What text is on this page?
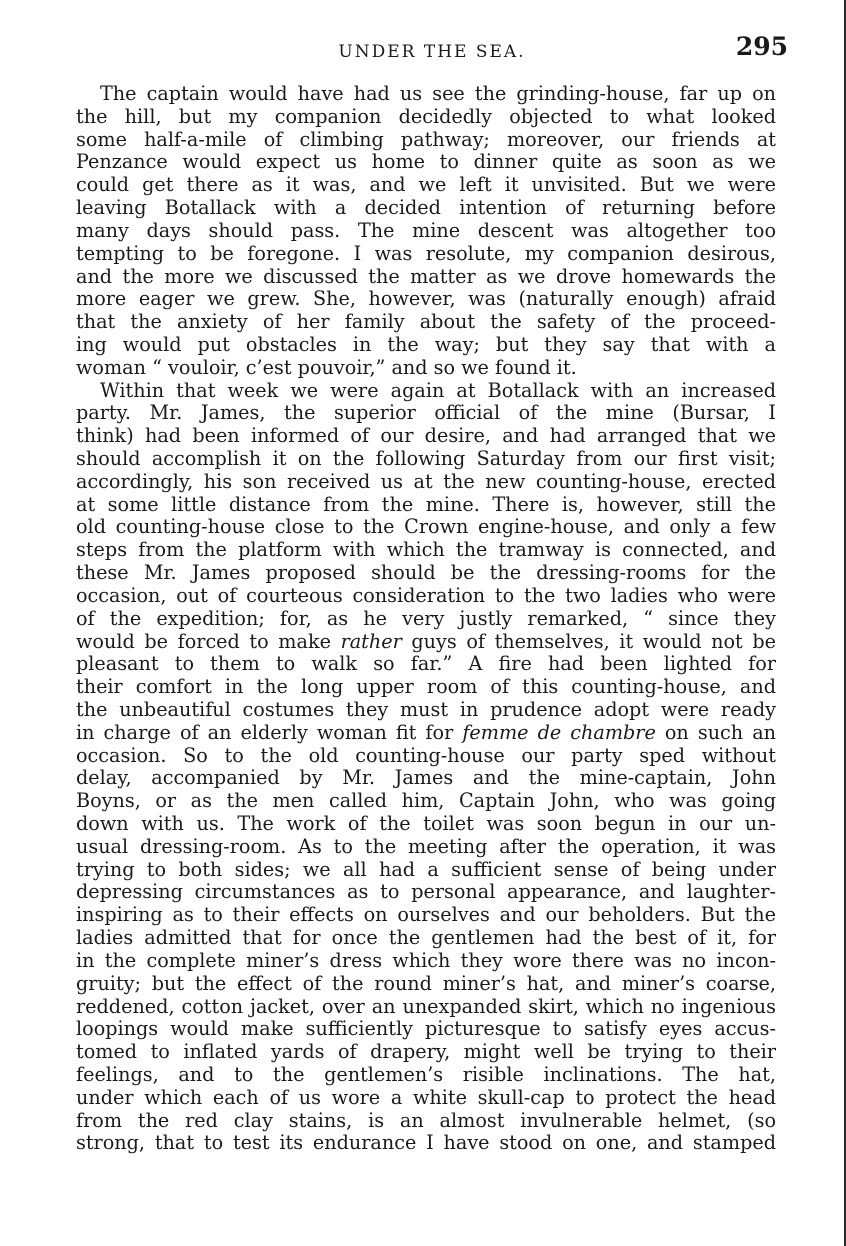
UNDER THE SEA.	295
The captain would have had us see the grinding-house, far up on
the hill, but my companion decidedly objected to what looked
some half-a-mile of climbing pathway; moreover, our friends at
Penzance would expect us home to dinner quite as soon as we
could get there as it was, and we left it unvisited. But we were
leaving Botallack with a decided intention of returning before
many days should pass. The mine descent was altogether too
tempting to be foregone. I was resolute, my companion desirous,
and the more we discussed the matter as we drove homewards the
more eager we grew. She, however, was (naturally enough) afraid
that the anxiety of her family about the safety of the proceed-
ing would put obstacles in the way; but they say that with a
woman “ vouloir, c’est pouvoir,” and so we found it.
Within that week we were again at Botallack with an increased
party. Mr. James, the superior official of the mine (Bursar, I
think) had been informed of our desire, and had arranged that we
should accomplish it on the following Saturday from our first visit;
accordingly, his son received us at the new counting-house, erected
at some little distance from the mine. There is, however, still the
old counting-house close to the Crown engine-house, and only a few
steps from the platform with which the tramway is connected, and
these Mr. James proposed should be the dressing-rooms for the
occasion, out of courteous consideration to the two ladies who were
of the expedition; for, as he very justly remarked, “ since they
would be forced to make rather guys of themselves, it would not be
pleasant to them to walk so far.” A fire had been lighted for
their comfort in the long upper room of this counting-house, and
the unbeautiful costumes they must in prudence adopt were ready
in charge of an elderly woman fit for femme de chambre on such an
occasion. So to the old counting-house our party sped without
delay, accompanied by Mr. James and the mine-captain, John
Boyns, or as the men called him, Captain John, who was going
down with us. The work of the toilet was soon begun in our un-
usual dressing-room. As to the meeting after the operation, it was
trying to both sides; we all had a sufficient sense of being under
depressing circumstances as to personal appearance, and laughter-
inspiring as to their effects on ourselves and our beholders. But the
ladies admitted that for once the gentlemen had the best of it, for
in the complete miner’s dress which they wore there was no incon-
gruity; but the effect of the round miner’s hat, and miner’s coarse,
reddened, cotton jacket, over an unexpanded skirt, which no ingenious
loopings would make sufficiently picturesque to satisfy eyes accus-
tomed to inflated yards of drapery, might well be trying to their
feelings, and to the gentlemen’s risible inclinations. The hat,
under which each of us wore a white skull-cap to protect the head
from the red clay stains, is an almost invulnerable helmet, (so
strong, that to test its endurance I have stood on one, and stamped
